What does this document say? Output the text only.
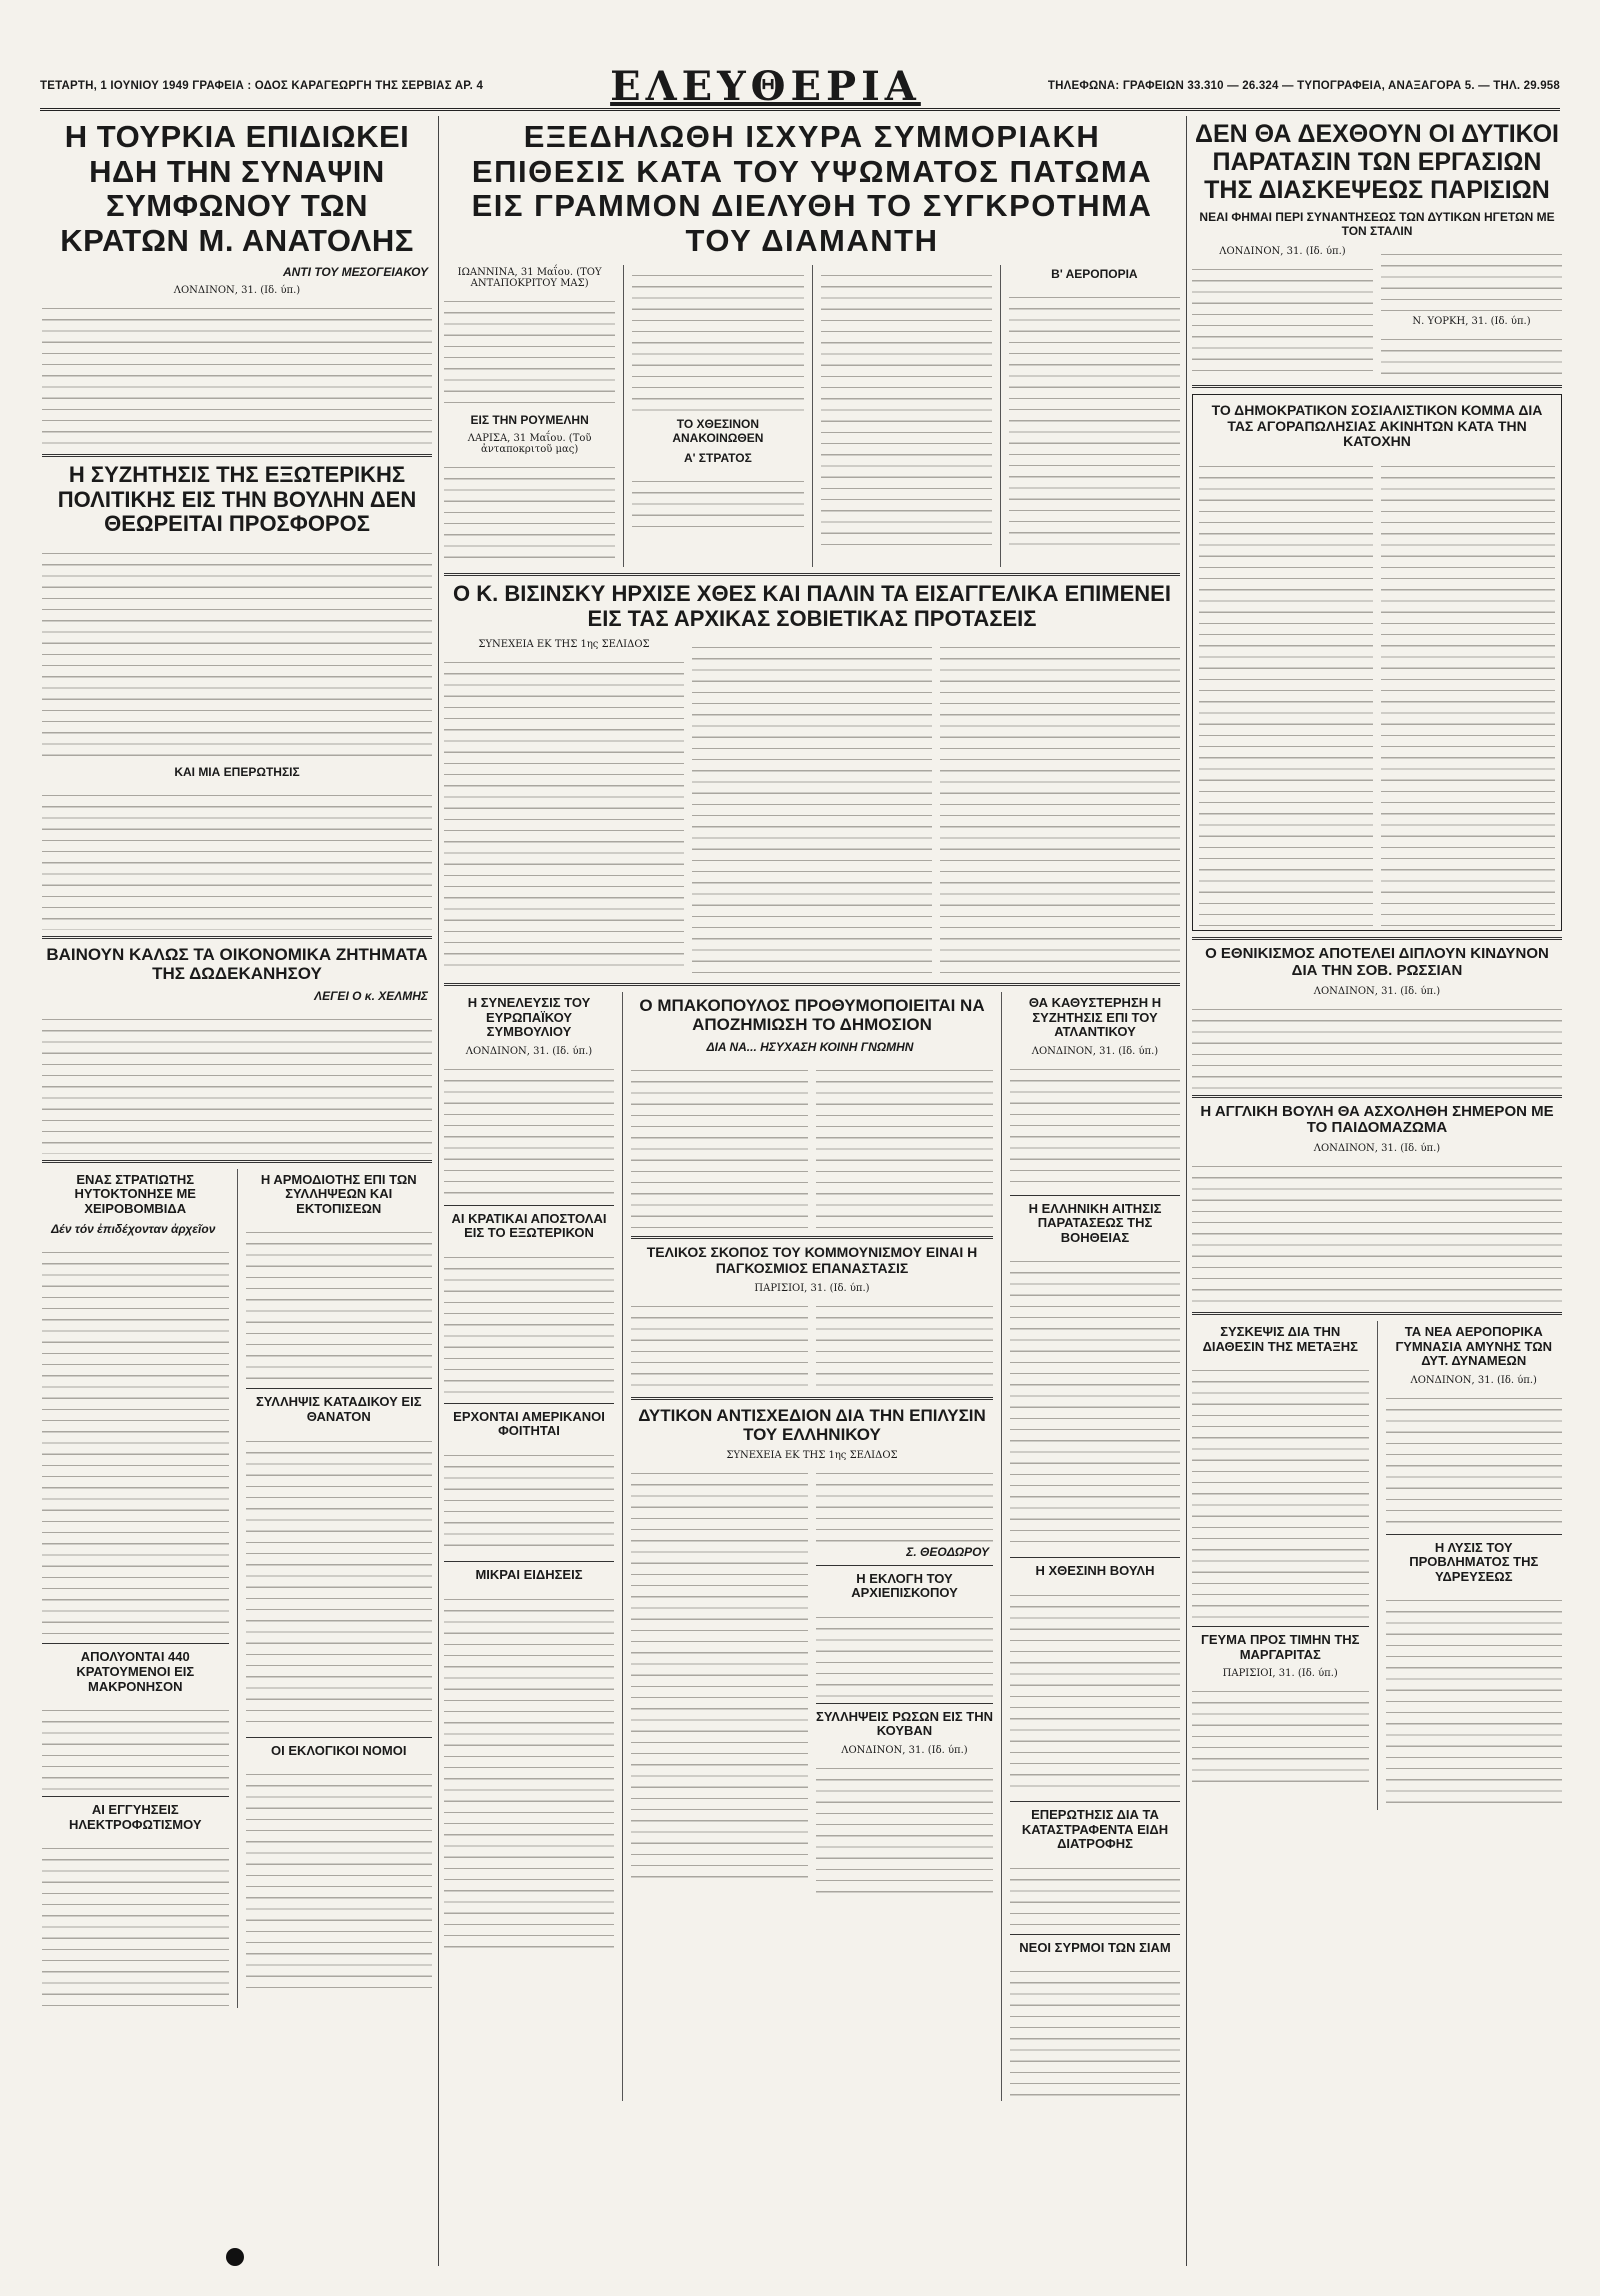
ΤΕΤΑΡΤΗ, 1 ΙΟΥΝΙΟΥ 1949 ΓΡΑΦΕΙΑ : ΟΔΟΣ ΚΑΡΑΓΕΩΡΓΗ ΤΗΣ ΣΕΡΒΙΑΣ ΑΡ. 4	ΕΛΕΥΘΕΡΙΑ	ΤΗΛΕΦΩΝΑ: ΓΡΑΦΕΙΩΝ 33.310 — 26.324 — ΤΥΠΟΓΡΑΦΕΙΑ, ΑΝΑΞΑΓΟΡΑ 5. — ΤΗΛ. 29.958
Η ΤΟΥΡΚΙΑ ΕΠΙΔΙΩΚΕΙ ΗΔΗ ΤΗΝ ΣΥΝΑΨΙΝ ΣΥΜΦΩΝΟΥ ΤΩΝ ΚΡΑΤΩΝ Μ. ΑΝΑΤΟΛΗΣ
ΑΝΤΙ ΤΟΥ ΜΕΣΟΓΕΙΑΚΟΥ
ΛΟΝΔΙΝΟΝ, 31. (Ιδ. ύπ.)
Η ΣΥΖΗΤΗΣΙΣ ΤΗΣ ΕΞΩΤΕΡΙΚΗΣ ΠΟΛΙΤΙΚΗΣ ΕΙΣ ΤΗΝ ΒΟΥΛΗΝ ΔΕΝ ΘΕΩΡΕΙΤΑΙ ΠΡΟΣΦΟΡΟΣ
ΚΑΙ ΜΙΑ ΕΠΕΡΩΤΗΣΙΣ
ΒΑΙΝΟΥΝ ΚΑΛΩΣ ΤΑ ΟΙΚΟΝΟΜΙΚΑ ΖΗΤΗΜΑΤΑ ΤΗΣ ΔΩΔΕΚΑΝΗΣΟΥ
ΛΕΓΕΙ Ο κ. ΧΕΛΜΗΣ
ΕΝΑΣ ΣΤΡΑΤΙΩΤΗΣ ΗΥΤΟΚΤΟΝΗΣΕ ΜΕ ΧΕΙΡΟΒΟΜΒΙΔΑ
Δέν τόν ἐπιδέχονταν ἀρχεῖον
ΑΠΟΛΥΟΝΤΑΙ 440 ΚΡΑΤΟΥΜΕΝΟΙ ΕΙΣ ΜΑΚΡΟΝΗΣΟΝ
ΑΙ ΕΓΓΥΗΣΕΙΣ ΗΛΕΚΤΡΟΦΩΤΙΣΜΟΥ
Η ΑΡΜΟΔΙΟΤΗΣ ΕΠΙ ΤΩΝ ΣΥΛΛΗΨΕΩΝ ΚΑΙ ΕΚΤΟΠΙΣΕΩΝ
ΣΥΛΛΗΨΙΣ ΚΑΤΑΔΙΚΟΥ ΕΙΣ ΘΑΝΑΤΟΝ
ΟΙ ΕΚΛΟΓΙΚΟΙ ΝΟΜΟΙ
ΕΞΕΔΗΛΩΘΗ ΙΣΧΥΡΑ ΣΥΜΜΟΡΙΑΚΗ ΕΠΙΘΕΣΙΣ ΚΑΤΑ ΤΟΥ ΥΨΩΜΑΤΟΣ ΠΑΤΩΜΑ ΕΙΣ ΓΡΑΜΜΟΝ ΔΙΕΛΥΘΗ ΤΟ ΣΥΓΚΡΟΤΗΜΑ ΤΟΥ ΔΙΑΜΑΝΤΗ
ΙΩΑΝΝΙΝΑ, 31 Μαΐου. (ΤΟΥ ΑΝΤΑΠΟΚΡΙΤΟΥ ΜΑΣ)
ΕΙΣ ΤΗΝ ΡΟΥΜΕΛΗΝ
ΛΑΡΙΣΑ, 31 Μαΐου. (Τοῦ ἀνταποκριτοῦ μας)
ΤΟ ΧΘΕΣΙΝΟΝ ΑΝΑΚΟΙΝΩΘΕΝ
Α' ΣΤΡΑΤΟΣ
Β' ΑΕΡΟΠΟΡΙΑ
Ο Κ. ΒΙΣΙΝΣΚΥ ΗΡΧΙΣΕ ΧΘΕΣ ΚΑΙ ΠΑΛΙΝ ΤΑ ΕΙΣΑΓΓΕΛΙΚΑ ΕΠΙΜΕΝΕΙ ΕΙΣ ΤΑΣ ΑΡΧΙΚΑΣ ΣΟΒΙΕΤΙΚΑΣ ΠΡΟΤΑΣΕΙΣ
ΣΥΝΕΧΕΙΑ ΕΚ ΤΗΣ 1ης ΣΕΛΙΔΟΣ
Η ΣΥΝΕΛΕΥΣΙΣ ΤΟΥ ΕΥΡΩΠΑΪΚΟΥ ΣΥΜΒΟΥΛΙΟΥ
ΛΟΝΔΙΝΟΝ, 31. (Ιδ. ύπ.)
ΑΙ ΚΡΑΤΙΚΑΙ ΑΠΟΣΤΟΛΑΙ ΕΙΣ ΤΟ ΕΞΩΤΕΡΙΚΟΝ
ΕΡΧΟΝΤΑΙ ΑΜΕΡΙΚΑΝΟΙ ΦΟΙΤΗΤΑΙ
ΜΙΚΡΑΙ ΕΙΔΗΣΕΙΣ
Ο ΜΠΑΚΟΠΟΥΛΟΣ ΠΡΟΘΥΜΟΠΟΙΕΙΤΑΙ ΝΑ ΑΠΟΖΗΜΙΩΣΗ ΤΟ ΔΗΜΟΣΙΟΝ
ΔΙΑ ΝΑ... ΗΣΥΧΑΣΗ ΚΟΙΝΗ ΓΝΩΜΗΝ
ΤΕΛΙΚΟΣ ΣΚΟΠΟΣ ΤΟΥ ΚΟΜΜΟΥΝΙΣΜΟΥ ΕΙΝΑΙ Η ΠΑΓΚΟΣΜΙΟΣ ΕΠΑΝΑΣΤΑΣΙΣ
ΠΑΡΙΣΙΟΙ, 31. (Ιδ. ύπ.)
ΔΥΤΙΚΟΝ ΑΝΤΙΣΧΕΔΙΟΝ ΔΙΑ ΤΗΝ ΕΠΙΛΥΣΙΝ ΤΟΥ ΕΛΛΗΝΙΚΟΥ
ΣΥΝΕΧΕΙΑ ΕΚ ΤΗΣ 1ης ΣΕΛΙΔΟΣ
Σ. ΘΕΟΔΩΡΟΥ
Η ΕΚΛΟΓΗ ΤΟΥ ΑΡΧΙΕΠΙΣΚΟΠΟΥ
ΣΥΛΛΗΨΕΙΣ ΡΩΣΩΝ ΕΙΣ ΤΗΝ ΚΟΥΒΑΝ
ΛΟΝΔΙΝΟΝ, 31. (Ιδ. ύπ.)
ΘΑ ΚΑΘΥΣΤΕΡΗΣΗ Η ΣΥΖΗΤΗΣΙΣ ΕΠΙ ΤΟΥ ΑΤΛΑΝΤΙΚΟΥ
ΛΟΝΔΙΝΟΝ, 31. (Ιδ. ύπ.)
Η ΕΛΛΗΝΙΚΗ ΑΙΤΗΣΙΣ ΠΑΡΑΤΑΣΕΩΣ ΤΗΣ ΒΟΗΘΕΙΑΣ
Η ΧΘΕΣΙΝΗ ΒΟΥΛΗ
ΕΠΕΡΩΤΗΣΙΣ ΔΙΑ ΤΑ ΚΑΤΑΣΤΡΑΦΕΝΤΑ ΕΙΔΗ ΔΙΑΤΡΟΦΗΣ
ΝΕΟΙ ΣΥΡΜΟΙ ΤΩΝ ΣΙΑΜ
ΔΕΝ ΘΑ ΔΕΧΘΟΥΝ ΟΙ ΔΥΤΙΚΟΙ ΠΑΡΑΤΑΣΙΝ ΤΩΝ ΕΡΓΑΣΙΩΝ ΤΗΣ ΔΙΑΣΚΕΨΕΩΣ ΠΑΡΙΣΙΩΝ
ΝΕΑΙ ΦΗΜΑΙ ΠΕΡΙ ΣΥΝΑΝΤΗΣΕΩΣ ΤΩΝ ΔΥΤΙΚΩΝ ΗΓΕΤΩΝ ΜΕ ΤΟΝ ΣΤΑΛΙΝ
ΛΟΝΔΙΝΟΝ, 31. (Ιδ. ύπ.)
Ν. ΥΟΡΚΗ, 31. (Ιδ. ύπ.)
ΤΟ ΔΗΜΟΚΡΑΤΙΚΟΝ ΣΟΣΙΑΛΙΣΤΙΚΟΝ ΚΟΜΜΑ ΔΙΑ ΤΑΣ ΑΓΟΡΑΠΩΛΗΣΙΑΣ ΑΚΙΝΗΤΩΝ ΚΑΤΑ ΤΗΝ ΚΑΤΟΧΗΝ
Ο ΕΘΝΙΚΙΣΜΟΣ ΑΠΟΤΕΛΕΙ ΔΙΠΛΟΥΝ ΚΙΝΔΥΝΟΝ ΔΙΑ ΤΗΝ ΣΟΒ. ΡΩΣΣΙΑΝ
ΛΟΝΔΙΝΟΝ, 31. (Ιδ. ύπ.)
Η ΑΓΓΛΙΚΗ ΒΟΥΛΗ ΘΑ ΑΣΧΟΛΗΘΗ ΣΗΜΕΡΟΝ ΜΕ ΤΟ ΠΑΙΔΟΜΑΖΩΜΑ
ΛΟΝΔΙΝΟΝ, 31. (Ιδ. ύπ.)
ΣΥΣΚΕΨΙΣ ΔΙΑ ΤΗΝ ΔΙΑΘΕΣΙΝ ΤΗΣ ΜΕΤΑΞΗΣ
ΓΕΥΜΑ ΠΡΟΣ ΤΙΜΗΝ ΤΗΣ ΜΑΡΓΑΡΙΤΑΣ
ΠΑΡΙΣΙΟΙ, 31. (Ιδ. ύπ.)
ΤΑ ΝΕΑ ΑΕΡΟΠΟΡΙΚΑ ΓΥΜΝΑΣΙΑ ΑΜΥΝΗΣ ΤΩΝ ΔΥΤ. ΔΥΝΑΜΕΩΝ
ΛΟΝΔΙΝΟΝ, 31. (Ιδ. ύπ.)
Η ΛΥΣΙΣ ΤΟΥ ΠΡΟΒΛΗΜΑΤΟΣ ΤΗΣ ΥΔΡΕΥΣΕΩΣ
